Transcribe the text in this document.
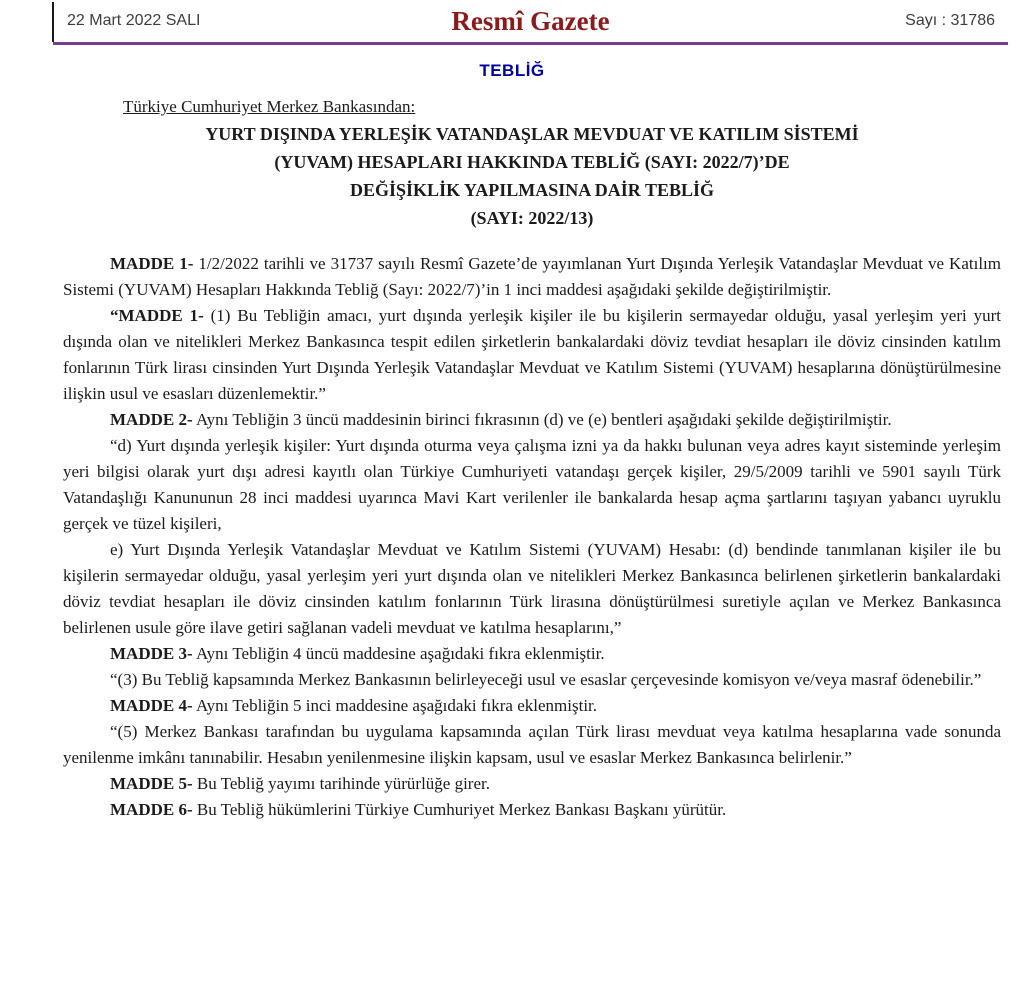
22 Mart 2022 SALI	Resmî Gazete	Sayı : 31786
TEBLİĞ
Türkiye Cumhuriyet Merkez Bankasından:
YURT DIŞINDA YERLEŞİK VATANDAŞLAR MEVDUAT VE KATILIM SİSTEMİ
(YUVAM) HESAPLARI HAKKINDA TEBLİĞ (SAYI: 2022/7)’DE
DEĞİŞİKLİK YAPILMASINA DAİR TEBLİĞ
(SAYI: 2022/13)

MADDE 1- 1/2/2022 tarihli ve 31737 sayılı Resmî Gazete’de yayımlanan Yurt Dışında Yerleşik Vatandaşlar Mevduat ve Katılım Sistemi (YUVAM) Hesapları Hakkında Tebliğ (Sayı: 2022/7)’in 1 inci maddesi aşağıdaki şekilde değiştirilmiştir.

“MADDE 1- (1) Bu Tebliğin amacı, yurt dışında yerleşik kişiler ile bu kişilerin sermayedar olduğu, yasal yerleşim yeri yurt dışında olan ve nitelikleri Merkez Bankasınca tespit edilen şirketlerin bankalardaki döviz tevdiat hesapları ile döviz cinsinden katılım fonlarının Türk lirası cinsinden Yurt Dışında Yerleşik Vatandaşlar Mevduat ve Katılım Sistemi (YUVAM) hesaplarına dönüştürülmesine ilişkin usul ve esasları düzenlemektir.”

MADDE 2- Aynı Tebliğin 3 üncü maddesinin birinci fıkrasının (d) ve (e) bentleri aşağıdaki şekilde değiştirilmiştir.

“d) Yurt dışında yerleşik kişiler: Yurt dışında oturma veya çalışma izni ya da hakkı bulunan veya adres kayıt sisteminde yerleşim yeri bilgisi olarak yurt dışı adresi kayıtlı olan Türkiye Cumhuriyeti vatandaşı gerçek kişiler, 29/5/2009 tarihli ve 5901 sayılı Türk Vatandaşlığı Kanununun 28 inci maddesi uyarınca Mavi Kart verilenler ile bankalarda hesap açma şartlarını taşıyan yabancı uyruklu gerçek ve tüzel kişileri,

e) Yurt Dışında Yerleşik Vatandaşlar Mevduat ve Katılım Sistemi (YUVAM) Hesabı: (d) bendinde tanımlanan kişiler ile bu kişilerin sermayedar olduğu, yasal yerleşim yeri yurt dışında olan ve nitelikleri Merkez Bankasınca belirlenen şirketlerin bankalardaki döviz tevdiat hesapları ile döviz cinsinden katılım fonlarının Türk lirasına dönüştürülmesi suretiyle açılan ve Merkez Bankasınca belirlenen usule göre ilave getiri sağlanan vadeli mevduat ve katılma hesaplarını,”

MADDE 3- Aynı Tebliğin 4 üncü maddesine aşağıdaki fıkra eklenmiştir.

“(3) Bu Tebliğ kapsamında Merkez Bankasının belirleyeceği usul ve esaslar çerçevesinde komisyon ve/veya masraf ödenebilir.”

MADDE 4- Aynı Tebliğin 5 inci maddesine aşağıdaki fıkra eklenmiştir.

“(5) Merkez Bankası tarafından bu uygulama kapsamında açılan Türk lirası mevduat veya katılma hesaplarına vade sonunda yenilenme imkânı tanınabilir. Hesabın yenilenmesine ilişkin kapsam, usul ve esaslar Merkez Bankasınca belirlenir.”

MADDE 5- Bu Tebliğ yayımı tarihinde yürürlüğe girer.

MADDE 6- Bu Tebliğ hükümlerini Türkiye Cumhuriyet Merkez Bankası Başkanı yürütür.
